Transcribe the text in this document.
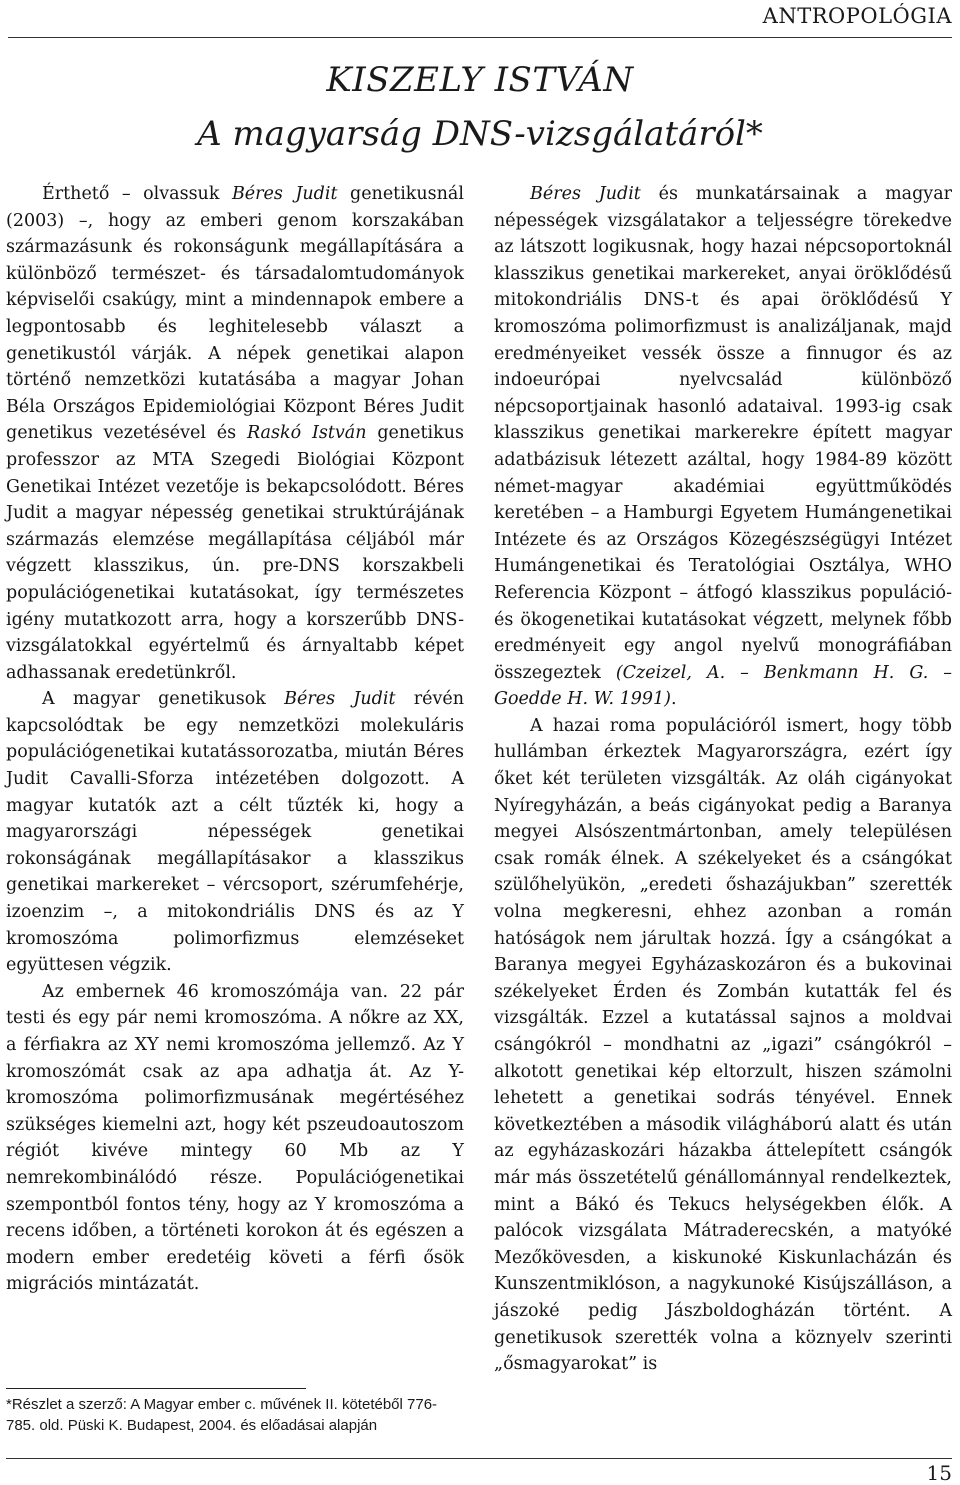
ANTROPOLÓGIA
KISZELY ISTVÁN
A magyarság DNS-vizsgálatáról*

Érthető – olvassuk Béres Judit genetikusnál (2003) –, hogy az emberi genom korszakában származásunk és rokonságunk megállapítására a különböző természet- és társadalomtudományok képviselői csakúgy, mint a mindennapok embere a legpontosabb és leghitelesebb választ a genetikustól várják. A népek genetikai alapon történő nemzetközi kutatásába a magyar Johan Béla Országos Epidemiológiai Központ Béres Judit genetikus vezetésével és Raskó István genetikus professzor az MTA Szegedi Biológiai Központ Genetikai Intézet vezetője is bekapcsolódott. Béres Judit a magyar népesség genetikai struktúrájának származás elemzése megállapítása céljából már végzett klasszikus, ún. pre-DNS korszakbeli populációgenetikai kutatásokat, így természetes igény mutatkozott arra, hogy a korszerűbb DNS-vizsgálatokkal egyértelmű és árnyaltabb képet adhassanak eredetünkről.

A magyar genetikusok Béres Judit révén kapcsolódtak be egy nemzetközi molekuláris populációgenetikai kutatássorozatba, miután Béres Judit Cavalli-Sforza intézetében dolgozott. A magyar kutatók azt a célt tűzték ki, hogy a magyarországi népességek genetikai rokonságának megállapításakor a klasszikus genetikai markereket – vércsoport, szérumfehérje, izoenzim –, a mitokondriális DNS és az Y kromoszóma polimorfizmus elemzéseket együttesen végzik.

Az embernek 46 kromoszómája van. 22 pár testi és egy pár nemi kromoszóma. A nőkre az XX, a férfiakra az XY nemi kromoszóma jellemző. Az Y kromoszómát csak az apa adhatja át. Az Y-kromoszóma polimorfizmusának megértéséhez szükséges kiemelni azt, hogy két pszeudoautoszom régiót kivéve mintegy 60 Mb az Y nemrekombinálódó része. Populációgenetikai szempontból fontos tény, hogy az Y kromoszóma a recens időben, a történeti korokon át és egészen a modern ember eredetéig követi a férfi ősök migrációs mintázatát.

Béres Judit és munkatársainak a magyar népességek vizsgálatakor a teljességre törekedve az látszott logikusnak, hogy hazai népcsoportoknál klasszikus genetikai markereket, anyai öröklődésű mitokondriális DNS-t és apai öröklődésű Y kromoszóma polimorfizmust is analizáljanak, majd eredményeiket vessék össze a finnugor és az indoeurópai nyelvcsalád különböző népcsoportjainak hasonló adataival. 1993-ig csak klasszikus genetikai markerekre épített magyar adatbázisuk létezett azáltal, hogy 1984-89 között német-magyar akadémiai együttműködés keretében – a Hamburgi Egyetem Humángenetikai Intézete és az Országos Közegészségügyi Intézet Humángenetikai és Teratológiai Osztálya, WHO Referencia Központ – átfogó klasszikus populáció- és ökogenetikai kutatásokat végzett, melynek főbb eredményeit egy angol nyelvű monográfiában összegeztek (Czeizel, A. – Benkmann H. G. – Goedde H. W. 1991).

A hazai roma populációról ismert, hogy több hullámban érkeztek Magyarországra, ezért így őket két területen vizsgálták. Az oláh cigányokat Nyíregyházán, a beás cigányokat pedig a Baranya megyei Alsószentmártonban, amely településen csak romák élnek. A székelyeket és a csángókat szülőhelyükön, „eredeti őshazájukban” szerették volna megkeresni, ehhez azonban a román hatóságok nem járultak hozzá. Így a csángókat a Baranya megyei Egyházaskozáron és a bukovinai székelyeket Érden és Zombán kutatták fel és vizsgálták. Ezzel a kutatással sajnos a moldvai csángókról – mondhatni az „igazi” csángókról – alkotott genetikai kép eltorzult, hiszen számolni lehetett a genetikai sodrás tényével. Ennek következtében a második világháború alatt és után az egyházaskozári házakba áttelepített csángók már más összetételű génállománnyal rendelkeztek, mint a Bákó és Tekucs helységekben élők. A palócok vizsgálata Mátraderecskén, a matyóké Mezőkövesden, a kiskunoké Kiskunlacházán és Kunszentmiklóson, a nagykunoké Kisújszálláson, a jászoké pedig Jászboldogházán történt. A genetikusok szerették volna a köznyelv szerinti „ősmagyarokat” is

*Részlet a szerző: A Magyar ember c. művének II. kötetéből 776-785. old. Püski K. Budapest, 2004. és előadásai alapján
15
